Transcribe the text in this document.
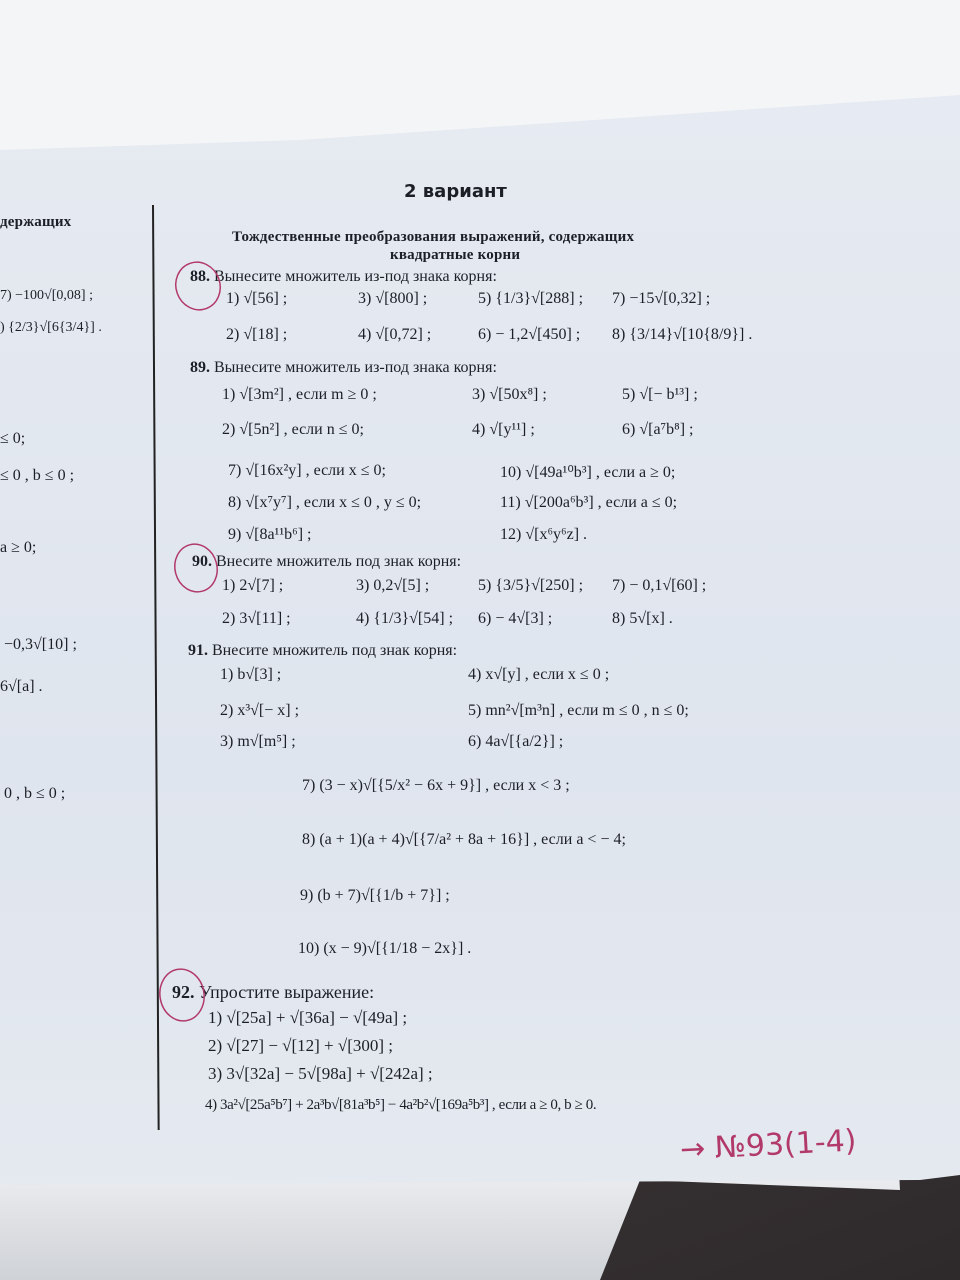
держащих
7) −100√[0,08] ;
) {2/3}√[6{3/4}] .
≤ 0;
≤ 0 , b ≤ 0 ;
a ≥ 0;
−0,3√[10] ;
6√[a] .
0 , b ≤ 0 ;
2 вариант
Тождественные преобразования выражений, содержащих
квадратные корни
88. Вынесите множитель из-под знака корня:
1) √[56] ;	3) √[800] ;	5) {1/3}√[288] ; 7) −15√[0,32] ;
2) √[18] ;	4) √[0,72] ;	6) − 1,2√[450] ; 8) {3/14}√[10{8/9}] .
89. Вынесите множитель из-под знака корня:
1) √[3m²] , если m ≥ 0 ;	3) √[50x⁸] ;	5) √[− b¹³] ;
2) √[5n²] , если n ≤ 0;	4) √[y¹¹] ;	6) √[a⁷b⁸] ;
7) √[16x²y] , если x ≤ 0;	10) √[49a¹⁰b³] , если a ≥ 0;
8) √[x⁷y⁷] , если x ≤ 0 , y ≤ 0;	11) √[200a⁶b³] , если a ≤ 0;
9) √[8a¹¹b⁶] ;	12) √[x⁶y⁶z] .
90. Внесите множитель под знак корня:
1) 2√[7] ;	3) 0,2√[5] ;	5) {3/5}√[250] ; 7) − 0,1√[60] ;
2) 3√[11] ;	4) {1/3}√[54] ; 6) − 4√[3] ;	8) 5√[x] .
91. Внесите множитель под знак корня:
1) b√[3] ;	4) x√[y] , если x ≤ 0 ;
2) x³√[− x] ;	5) mn²√[m³n] , если m ≤ 0 , n ≤ 0;
3) m√[m⁵] ;	6) 4a√[{a/2}] ;
7) (3 − x)√[{5/x² − 6x + 9}] , если x < 3 ;
8) (a + 1)(a + 4)√[{7/a² + 8a + 16}] , если a < − 4;
9) (b + 7)√[{1/b + 7}] ;
10) (x − 9)√[{1/18 − 2x}] .
92. Упростите выражение:
1) √[25a] + √[36a] − √[49a] ;
2) √[27] − √[12] + √[300] ;
3) 3√[32a] − 5√[98a] + √[242a] ;
4) 3a²√[25a⁵b⁷] + 2a³b√[81a³b⁵] − 4a²b²√[169a⁵b³] , если a ≥ 0, b ≥ 0.
→ №93(1-4)
